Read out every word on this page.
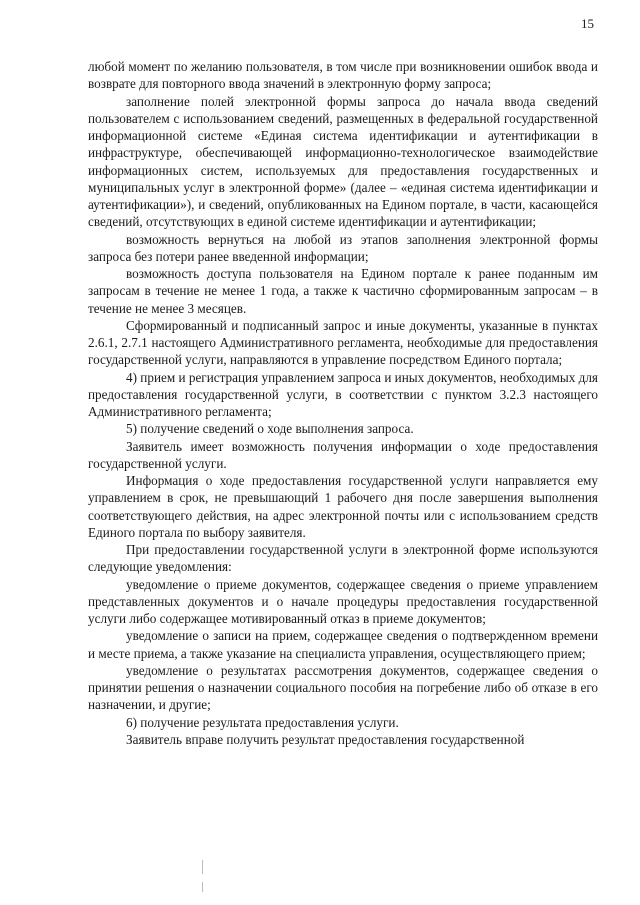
15

любой момент по желанию пользователя, в том числе при возникновении ошибок ввода и возврате для повторного ввода значений в электронную форму запроса;

заполнение полей электронной формы запроса до начала ввода сведений пользователем с использованием сведений, размещенных в федеральной государственной информационной системе «Единая система идентификации и аутентификации в инфраструктуре, обеспечивающей информационно-технологическое взаимодействие информационных систем, используемых для предоставления государственных и муниципальных услуг в электронной форме» (далее – «единая система идентификации и аутентификации»), и сведений, опубликованных на Едином портале, в части, касающейся сведений, отсутствующих в единой системе идентификации и аутентификации;

возможность вернуться на любой из этапов заполнения электронной формы запроса без потери ранее введенной информации;

возможность доступа пользователя на Едином портале к ранее поданным им запросам в течение не менее 1 года, а также к частично сформированным запросам – в течение не менее 3 месяцев.

Сформированный и подписанный запрос и иные документы, указанные в пунктах 2.6.1, 2.7.1 настоящего Административного регламента, необходимые для предоставления государственной услуги, направляются в управление посредством Единого портала;

4) прием и регистрация управлением запроса и иных документов, необходимых для предоставления государственной услуги, в соответствии с пунктом 3.2.3 настоящего Административного регламента;

5) получение сведений о ходе выполнения запроса.

Заявитель имеет возможность получения информации о ходе предоставления государственной услуги.

Информация о ходе предоставления государственной услуги направляется ему управлением в срок, не превышающий 1 рабочего дня после завершения выполнения соответствующего действия, на адрес электронной почты или с использованием средств Единого портала по выбору заявителя.

При предоставлении государственной услуги в электронной форме используются следующие уведомления:

уведомление о приеме документов, содержащее сведения о приеме управлением представленных документов и о начале процедуры предоставления государственной услуги либо содержащее мотивированный отказ в приеме документов;

уведомление о записи на прием, содержащее сведения о подтвержденном времени и месте приема, а также указание на специалиста управления, осуществляющего прием;

уведомление о результатах рассмотрения документов, содержащее сведения о принятии решения о назначении социального пособия на погребение либо об отказе в его назначении, и другие;

6) получение результата предоставления услуги.

Заявитель вправе получить результат предоставления государственной
